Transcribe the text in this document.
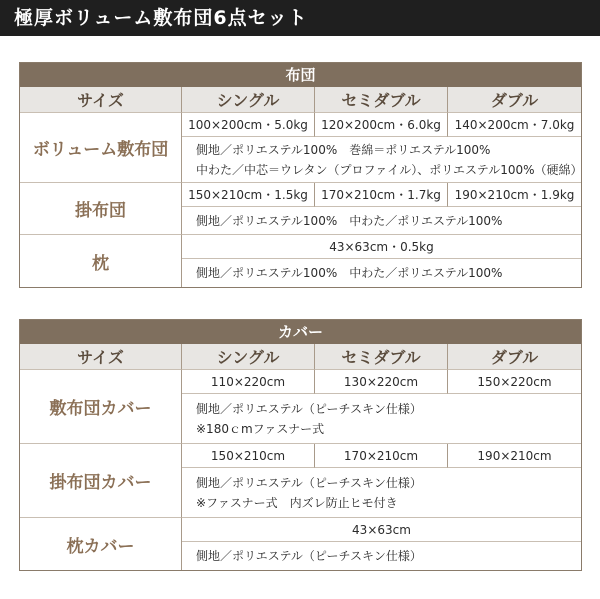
極厚ボリューム敷布団6点セット
布団
サイズ	シングル	セミダブル	ダブル
ボリューム敷布団
100×200cm・5.0kg	120×200cm・6.0kg	140×200cm・7.0kg
側地／ポリエステル100%　巻綿＝ポリエステル100%
中わた／中芯＝ウレタン（プロファイル）、ポリエステル100%（硬綿）
掛布団
150×210cm・1.5kg	170×210cm・1.7kg	190×210cm・1.9kg
側地／ポリエステル100%　中わた／ポリエステル100%
枕
43×63cm・0.5kg
側地／ポリエステル100%　中わた／ポリエステル100%
カバー
サイズ	シングル	セミダブル	ダブル
敷布団カバー
110×220cm	130×220cm	150×220cm
側地／ポリエステル（ピーチスキン仕様）
※180ｃmファスナー式
掛布団カバー
150×210cm	170×210cm	190×210cm
側地／ポリエステル（ピーチスキン仕様）
※ファスナー式　内ズレ防止ヒモ付き
枕カバー
43×63cm
側地／ポリエステル（ピーチスキン仕様）
